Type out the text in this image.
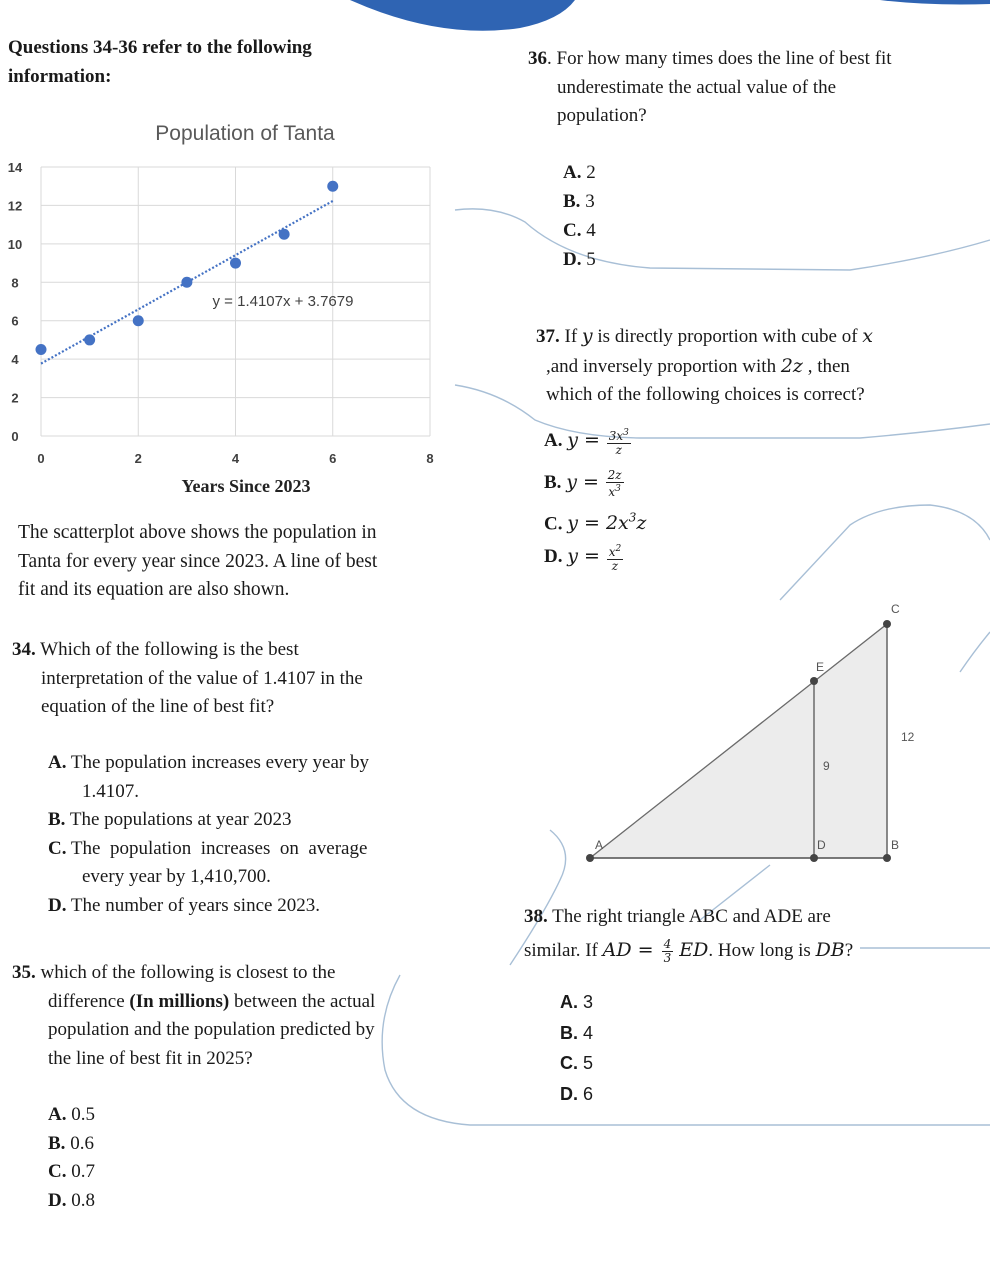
Questions 34-36 refer to the following
information:
Population of Tanta
0
2
4
6
8
10
12
14
0	2	4	6	8
y = 1.4107x + 3.7679
Years Since 2023
The scatterplot above shows the population in
Tanta for every year since 2023. A line of best
fit and its equation are also shown.
34. Which of the following is the best
interpretation of the value of 1.4107 in the
equation of the line of best fit?
A. The population increases every year by
1.4107.
B. The populations at year 2023
C. The  population  increases  on  average
every year by 1,410,700.
D. The number of years since 2023.
35. which of the following is closest to the
difference (In millions) between the actual
population and the population predicted by
the line of best fit in 2025?
A. 0.5
B. 0.6
C. 0.7
D. 0.8
36. For how many times does the line of best fit
underestimate the actual value of the
population?
A. 2
B. 3
C. 4
D. 5
37. If y is directly proportion with cube of x
,and inversely proportion with 2z , then
which of the following choices is correct?
A. $y = \frac{3x^3}{z}$
B. $y = \frac{2z}{x^3}$
C. $y = 2x^3z$
D. $y = \frac{x^2}{z}$
A	B
C
D
E
12
9
38. The right triangle ABC and ADE are
similar. If AD = $\frac{4}{3}$ ED. How long is DB?
A. 3
B. 4
C. 5
D. 6
